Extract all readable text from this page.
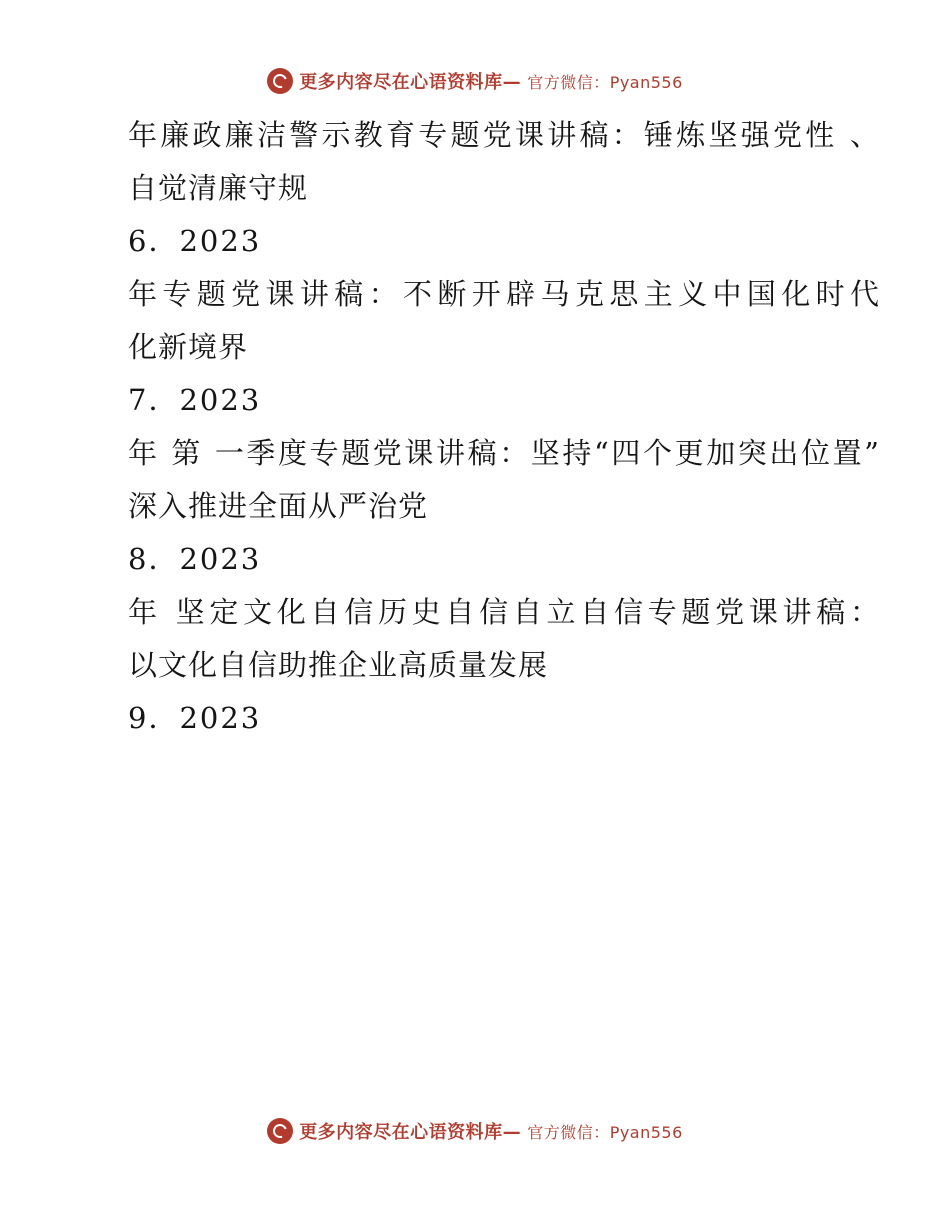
更多内容尽在心语资料库— 官方微信：Pyan556

年廉政廉洁警示教育专题党课讲稿：锤炼坚强党性 、

自觉清廉守规

6．2023

年专题党课讲稿：不断开辟马克思主义中国化时代

化新境界

7．2023

年 第 一季度专题党课讲稿：坚持“四个更加突出位置”

深入推进全面从严治党

8．2023

年 坚定文化自信历史自信自立自信专题党课讲稿：

以文化自信助推企业高质量发展

9．2023

更多内容尽在心语资料库— 官方微信：Pyan556
